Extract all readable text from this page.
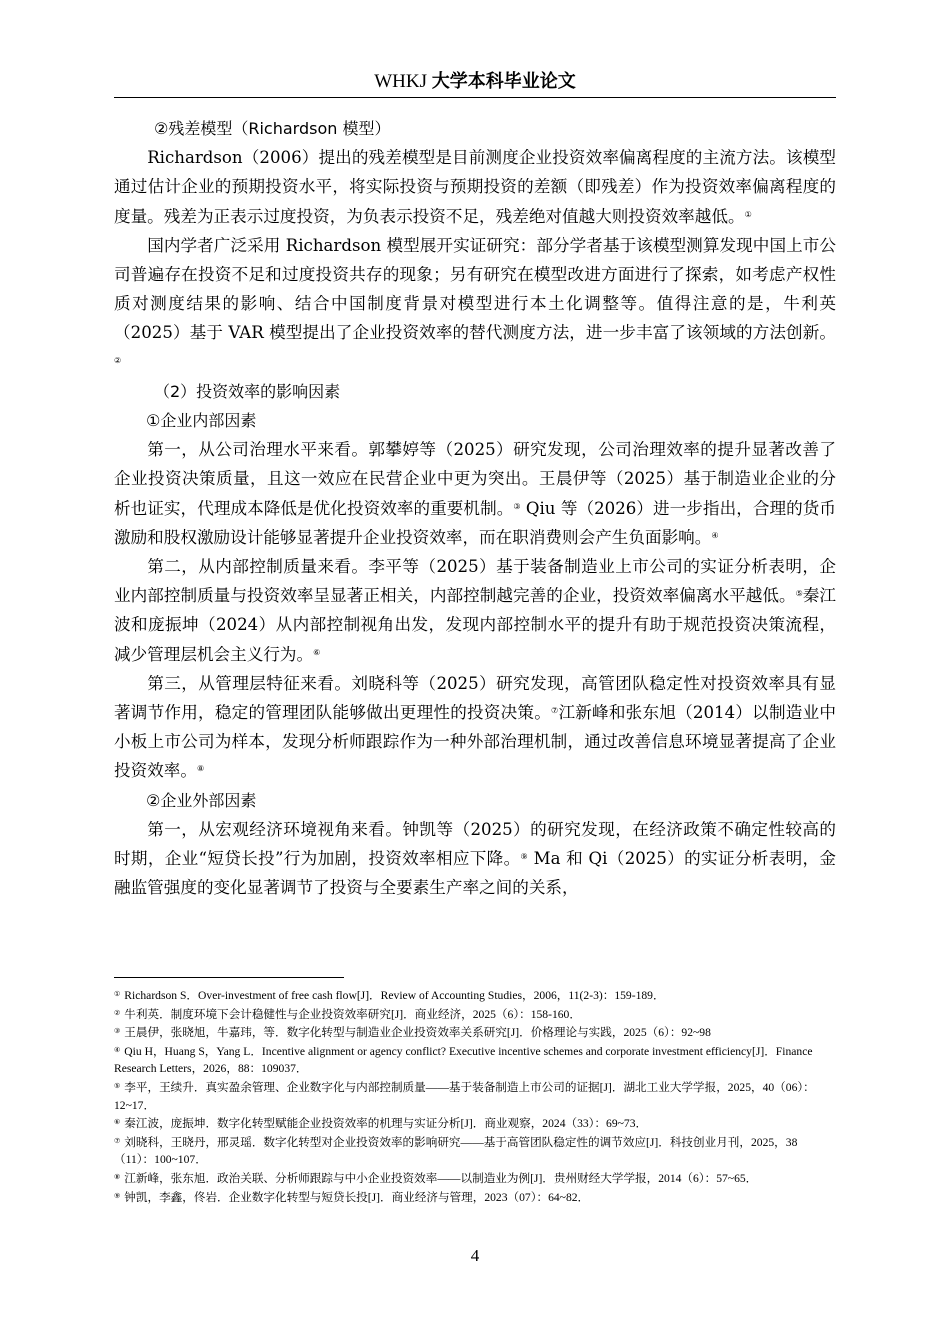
WHKJ 大学本科毕业论文

②残差模型（Richardson 模型）

Richardson（2006）提出的残差模型是目前测度企业投资效率偏离程度的主流方法。该模型通过估计企业的预期投资水平，将实际投资与预期投资的差额（即残差）作为投资效率偏离程度的度量。残差为正表示过度投资，为负表示投资不足，残差绝对值越大则投资效率越低。①

国内学者广泛采用 Richardson 模型展开实证研究：部分学者基于该模型测算发现中国上市公司普遍存在投资不足和过度投资共存的现象；另有研究在模型改进方面进行了探索，如考虑产权性质对测度结果的影响、结合中国制度背景对模型进行本土化调整等。值得注意的是，牛利英（2025）基于 VAR 模型提出了企业投资效率的替代测度方法，进一步丰富了该领域的方法创新。②

（2）投资效率的影响因素

①企业内部因素

第一，从公司治理水平来看。郭攀婷等（2025）研究发现，公司治理效率的提升显著改善了企业投资决策质量，且这一效应在民营企业中更为突出。王晨伊等（2025）基于制造业企业的分析也证实，代理成本降低是优化投资效率的重要机制。③ Qiu 等（2026）进一步指出，合理的货币激励和股权激励设计能够显著提升企业投资效率，而在职消费则会产生负面影响。④

第二，从内部控制质量来看。李平等（2025）基于装备制造业上市公司的实证分析表明，企业内部控制质量与投资效率呈显著正相关，内部控制越完善的企业，投资效率偏离水平越低。⑤秦江波和庞振坤（2024）从内部控制视角出发，发现内部控制水平的提升有助于规范投资决策流程，减少管理层机会主义行为。⑥

第三，从管理层特征来看。刘晓科等（2025）研究发现，高管团队稳定性对投资效率具有显著调节作用，稳定的管理团队能够做出更理性的投资决策。⑦江新峰和张东旭（2014）以制造业中小板上市公司为样本，发现分析师跟踪作为一种外部治理机制，通过改善信息环境显著提高了企业投资效率。⑧

②企业外部因素

第一，从宏观经济环境视角来看。钟凯等（2025）的研究发现，在经济政策不确定性较高的时期，企业“短贷长投”行为加剧，投资效率相应下降。⑨ Ma 和 Qi（2025）的实证分析表明，金融监管强度的变化显著调节了投资与全要素生产率之间的关系，

① Richardson S．Over-investment of free cash flow[J]．Review of Accounting Studies，2006，11(2-3)：159-189．

② 牛利英．制度环境下会计稳健性与企业投资效率研究[J]．商业经济，2025（6）：158-160．

③ 王晨伊，张晓旭，牛嘉玮，等．数字化转型与制造业企业投资效率关系研究[J]．价格理论与实践，2025（6）：92~98

④ Qiu H，Huang S，Yang L．Incentive alignment or agency conflict? Executive incentive schemes and corporate investment efficiency[J]．Finance Research Letters，2026，88：109037．

⑤ 李平，王续升．真实盈余管理、企业数字化与内部控制质量——基于装备制造上市公司的证据[J]．湖北工业大学学报，2025，40（06）：12~17．

⑥ 秦江波，庞振坤．数字化转型赋能企业投资效率的机理与实证分析[J]．商业观察，2024（33）：69~73．

⑦ 刘晓科，王晓丹，邢灵瑶．数字化转型对企业投资效率的影响研究——基于高管团队稳定性的调节效应[J]．科技创业月刊，2025，38（11）：100~107．

⑧ 江新峰，张东旭．政治关联、分析师跟踪与中小企业投资效率——以制造业为例[J]．贵州财经大学学报，2014（6）：57~65．

⑨ 钟凯，李鑫，佟岩．企业数字化转型与短贷长投[J]．商业经济与管理，2023（07）：64~82．

4
